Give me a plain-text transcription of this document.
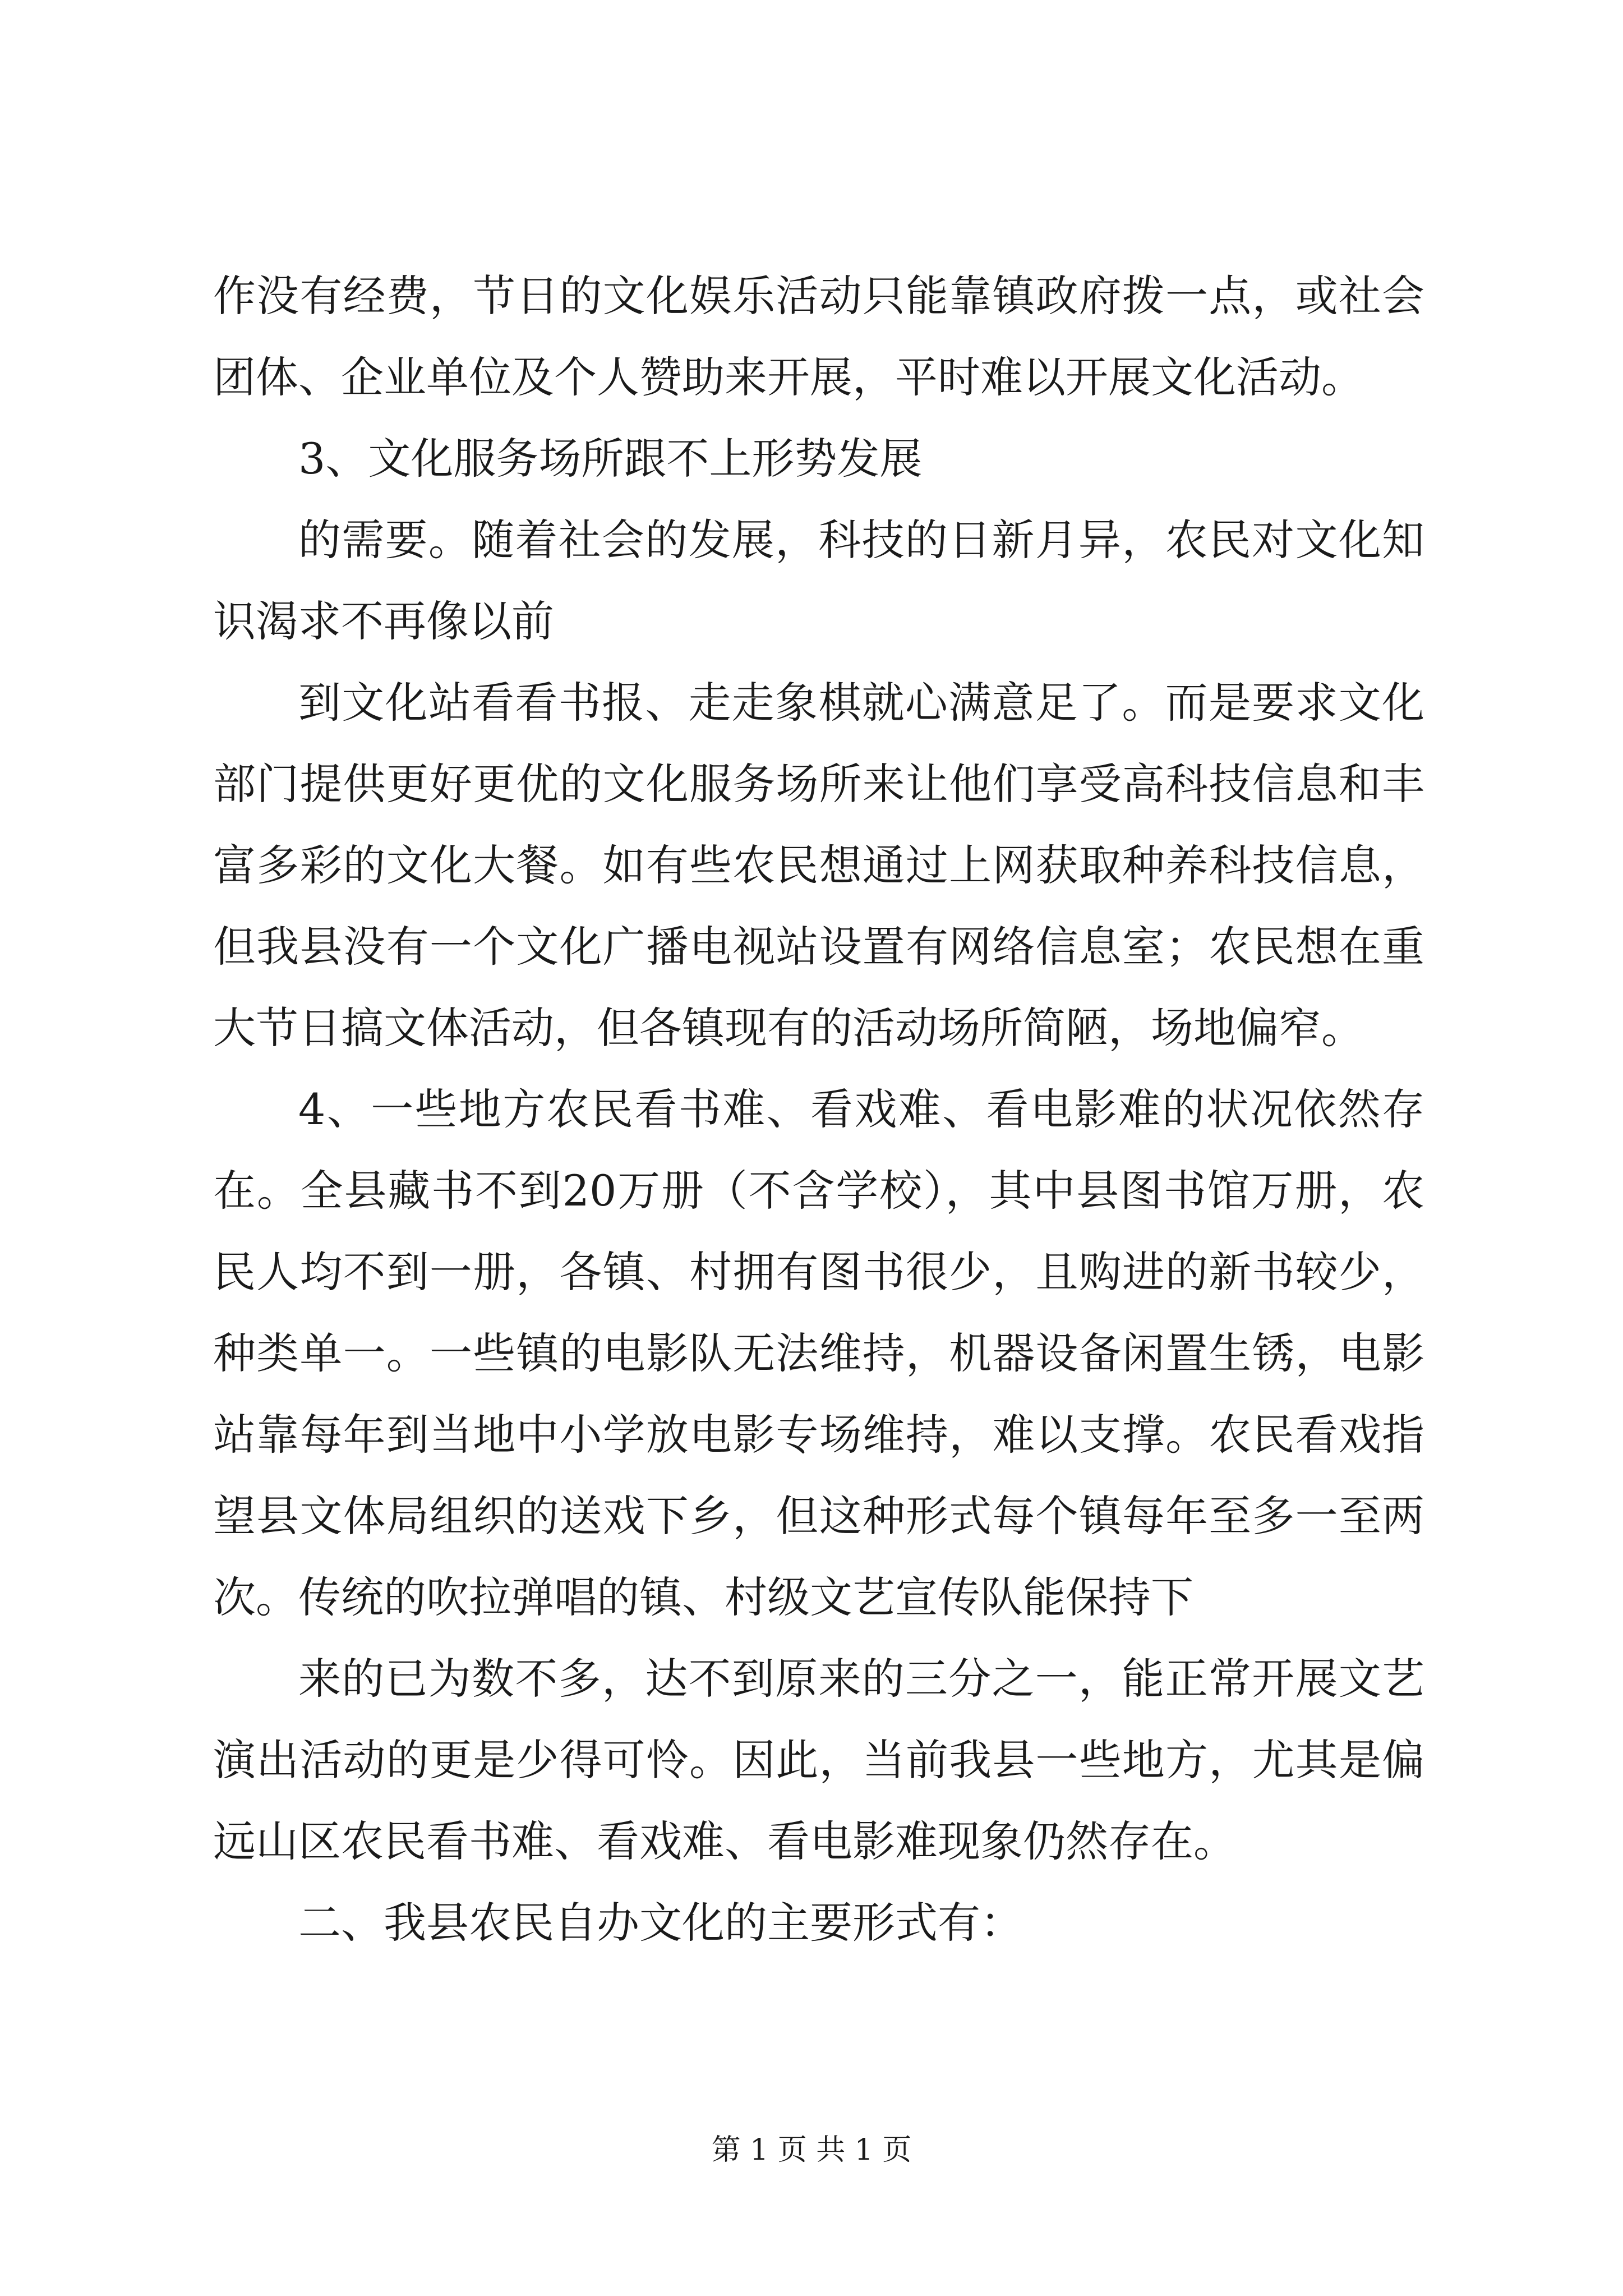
作没有经费，节日的文化娱乐活动只能靠镇政府拨一点，或社会团体、企业单位及个人赞助来开展，平时难以开展文化活动。

3、文化服务场所跟不上形势发展

的需要。随着社会的发展，科技的日新月异，农民对文化知识渴求不再像以前

到文化站看看书报、走走象棋就心满意足了。而是要求文化部门提供更好更优的文化服务场所来让他们享受高科技信息和丰富多彩的文化大餐。如有些农民想通过上网获取种养科技信息，但我县没有一个文化广播电视站设置有网络信息室；农民想在重大节日搞文体活动，但各镇现有的活动场所简陋，场地偏窄。

4、一些地方农民看书难、看戏难、看电影难的状况依然存在。全县藏书不到20万册（不含学校），其中县图书馆万册，农民人均不到一册，各镇、村拥有图书很少，且购进的新书较少，种类单一。一些镇的电影队无法维持，机器设备闲置生锈，电影站靠每年到当地中小学放电影专场维持，难以支撑。农民看戏指望县文体局组织的送戏下乡，但这种形式每个镇每年至多一至两次。传统的吹拉弹唱的镇、村级文艺宣传队能保持下

来的已为数不多，达不到原来的三分之一，能正常开展文艺演出活动的更是少得可怜。因此，当前我县一些地方，尤其是偏远山区农民看书难、看戏难、看电影难现象仍然存在。

二、我县农民自办文化的主要形式有：

第 1 页 共 1 页
